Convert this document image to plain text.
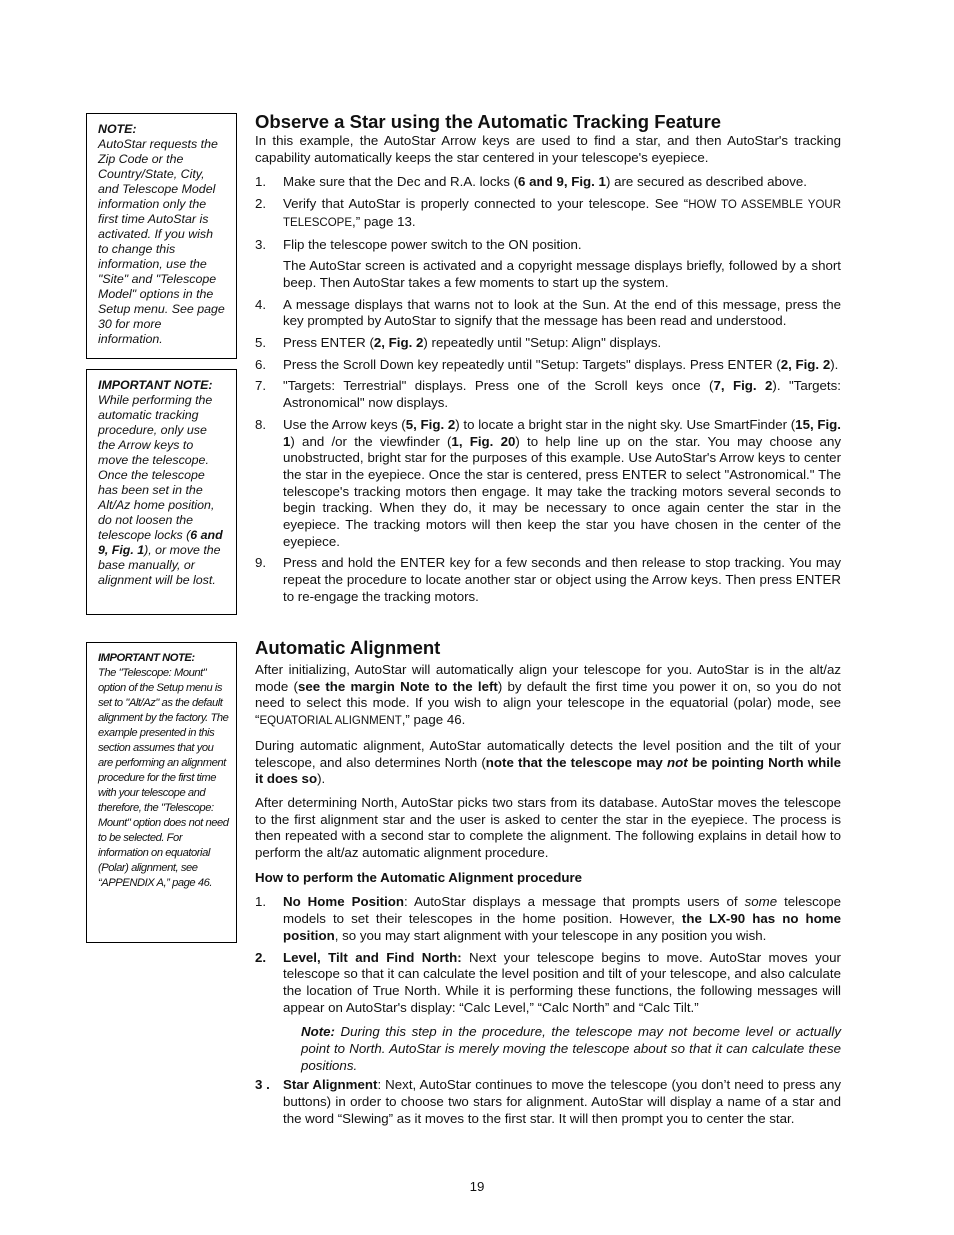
NOTE:
AutoStar requests the Zip Code or the Country/State, City, and Telescope Model information only the first time AutoStar is activated. If you wish to change this information, use the "Site" and "Telescope Model" options in the Setup menu. See page 30 for more information.
IMPORTANT NOTE:
While performing the automatic tracking procedure, only use the Arrow keys to move the telescope. Once the telescope has been set in the Alt/Az home position, do not loosen the telescope locks (6 and 9, Fig. 1), or move the base manually, or alignment will be lost.
IMPORTANT NOTE:
The "Telescope: Mount" option of the Setup menu is set to "Alt/Az" as the default alignment by the factory. The example presented in this section assumes that you are performing an alignment procedure for the first time with your telescope and therefore, the "Telescope: Mount" option does not need to be selected. For information on equatorial (Polar) alignment, see “APPENDIX A,” page 46.
Observe a Star using the Automatic Tracking Feature

In this example, the AutoStar Arrow keys are used to find a star, and then AutoStar's tracking capability automatically keeps the star centered in your telescope's eyepiece.

1. Make sure that the Dec and R.A. locks (6 and 9, Fig. 1) are secured as described above.
2. Verify that AutoStar is properly connected to your telescope. See “HOW TO ASSEMBLE YOUR TELESCOPE,” page 13.
3. Flip the telescope power switch to the ON position.

The AutoStar screen is activated and a copyright message displays briefly, followed by a short beep. Then AutoStar takes a few moments to start up the system.

4. A message displays that warns not to look at the Sun. At the end of this message, press the key prompted by AutoStar to signify that the message has been read and understood.
5. Press ENTER (2, Fig. 2) repeatedly until "Setup: Align" displays.
6. Press the Scroll Down key repeatedly until "Setup: Targets" displays. Press ENTER (2, Fig. 2).
7. "Targets: Terrestrial" displays. Press one of the Scroll keys once (7, Fig. 2). "Targets: Astronomical" now displays.
8. Use the Arrow keys (5, Fig. 2) to locate a bright star in the night sky. Use SmartFinder (15, Fig. 1) and /or the viewfinder (1, Fig. 20) to help line up on the star. You may choose any unobstructed, bright star for the purposes of this example. Use AutoStar's Arrow keys to center the star in the eyepiece. Once the star is centered, press ENTER to select "Astronomical." The telescope's tracking motors then engage. It may take the tracking motors several seconds to begin tracking. When they do, it may be necessary to once again center the star in the eyepiece. The tracking motors will then keep the star you have chosen in the center of the eyepiece.
9. Press and hold the ENTER key for a few seconds and then release to stop tracking. You may repeat the procedure to locate another star or object using the Arrow keys. Then press ENTER to re-engage the tracking motors.
Automatic Alignment

After initializing, AutoStar will automatically align your telescope for you. AutoStar is in the alt/az mode (see the margin Note to the left) by default the first time you power it on, so you do not need to select this mode. If you wish to align your telescope in the equatorial (polar) mode, see “EQUATORIAL ALIGNMENT,” page 46.

During automatic alignment, AutoStar automatically detects the level position and the tilt of your telescope, and also determines North (note that the telescope may not be pointing North while it does so).

After determining North, AutoStar picks two stars from its database. AutoStar moves the telescope to the first alignment star and the user is asked to center the star in the eyepiece. The process is then repeated with a second star to complete the alignment. The following explains in detail how to perform the alt/az automatic alignment procedure.

How to perform the Automatic Alignment procedure

1. No Home Position: AutoStar displays a message that prompts users of some telescope models to set their telescopes in the home position. However, the LX-90 has no home position, so you may start alignment with your telescope in any position you wish.
2. Level, Tilt and Find North: Next your telescope begins to move. AutoStar moves your telescope so that it can calculate the level position and tilt of your telescope, and also calculate the location of True North. While it is performing these functions, the following messages will appear on AutoStar's display: “Calc Level,” “Calc North” and “Calc Tilt.”

Note: During this step in the procedure, the telescope may not become level or actually point to North. AutoStar is merely moving the telescope about so that it can calculate these positions.

3 . Star Alignment: Next, AutoStar continues to move the telescope (you don’t need to press any buttons) in order to choose two stars for alignment. AutoStar will display a name of a star and the word “Slewing” as it moves to the first star. It will then prompt you to center the star.
19
